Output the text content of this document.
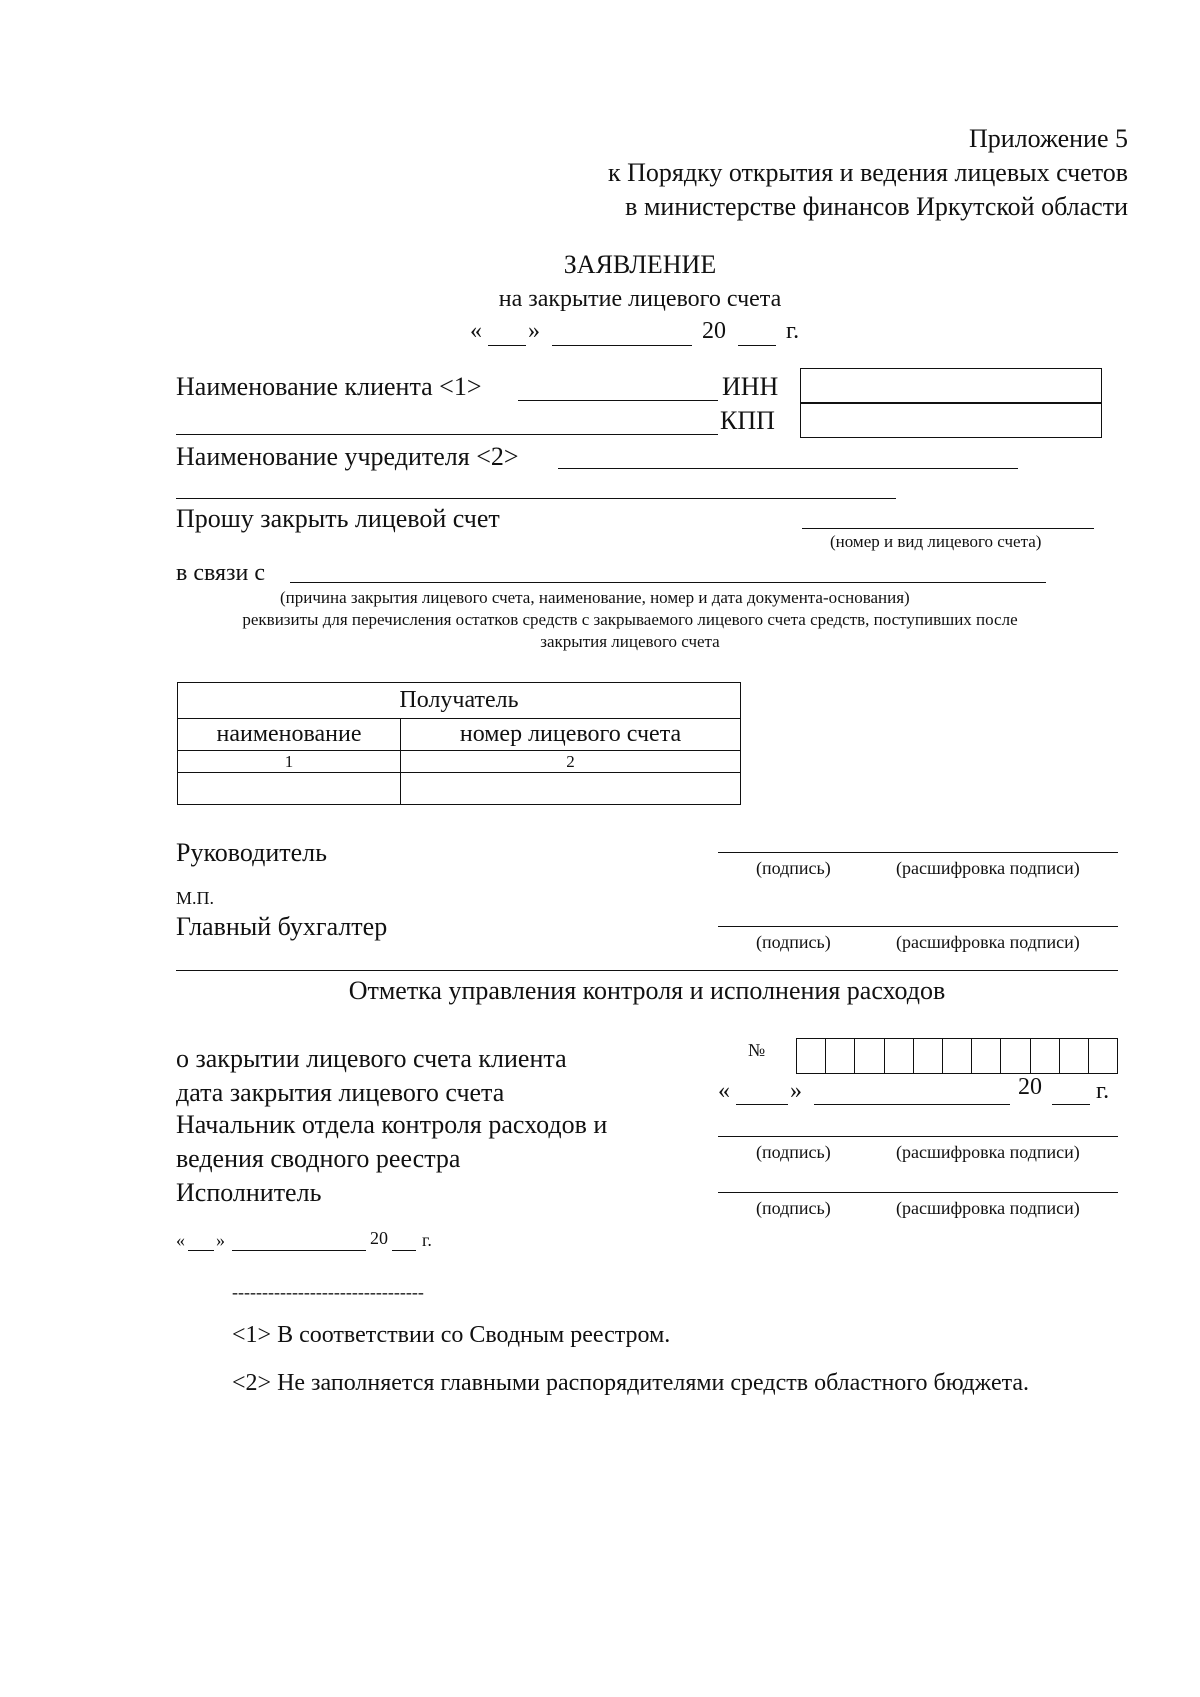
Приложение 5
к Порядку открытия и ведения лицевых счетов
в министерстве финансов Иркутской области
ЗАЯВЛЕНИЕ
на закрытие лицевого счета
« »	20	г.
Наименование клиента <1>	ИНН
КПП
Наименование учредителя <2>
Прошу закрыть лицевой счет
(номер и вид лицевого счета)
в связи с
(причина закрытия лицевого счета, наименование, номер и дата документа-основания)
реквизиты для перечисления остатков средств с закрываемого лицевого счета средств, поступивших после
закрытия лицевого счета
Получатель	
наименование	номер лицевого счета
1	2

Руководитель
(подпись)	(расшифровка подписи)
М.П.
Главный бухгалтер
(подпись)	(расшифровка подписи)
Отметка управления контроля и исполнения расходов
о закрытии лицевого счета клиента	№
дата закрытия лицевого счета	«	»	20 г.
Начальник отдела контроля расходов и
(подпись)	(расшифровка подписи)
ведения сводного реестра
Исполнитель
(подпись)	(расшифровка подписи)
« »	20 г.
--------------------------------
<1> В соответствии со Сводным реестром.
<2> Не заполняется главными распорядителями средств областного бюджета.
